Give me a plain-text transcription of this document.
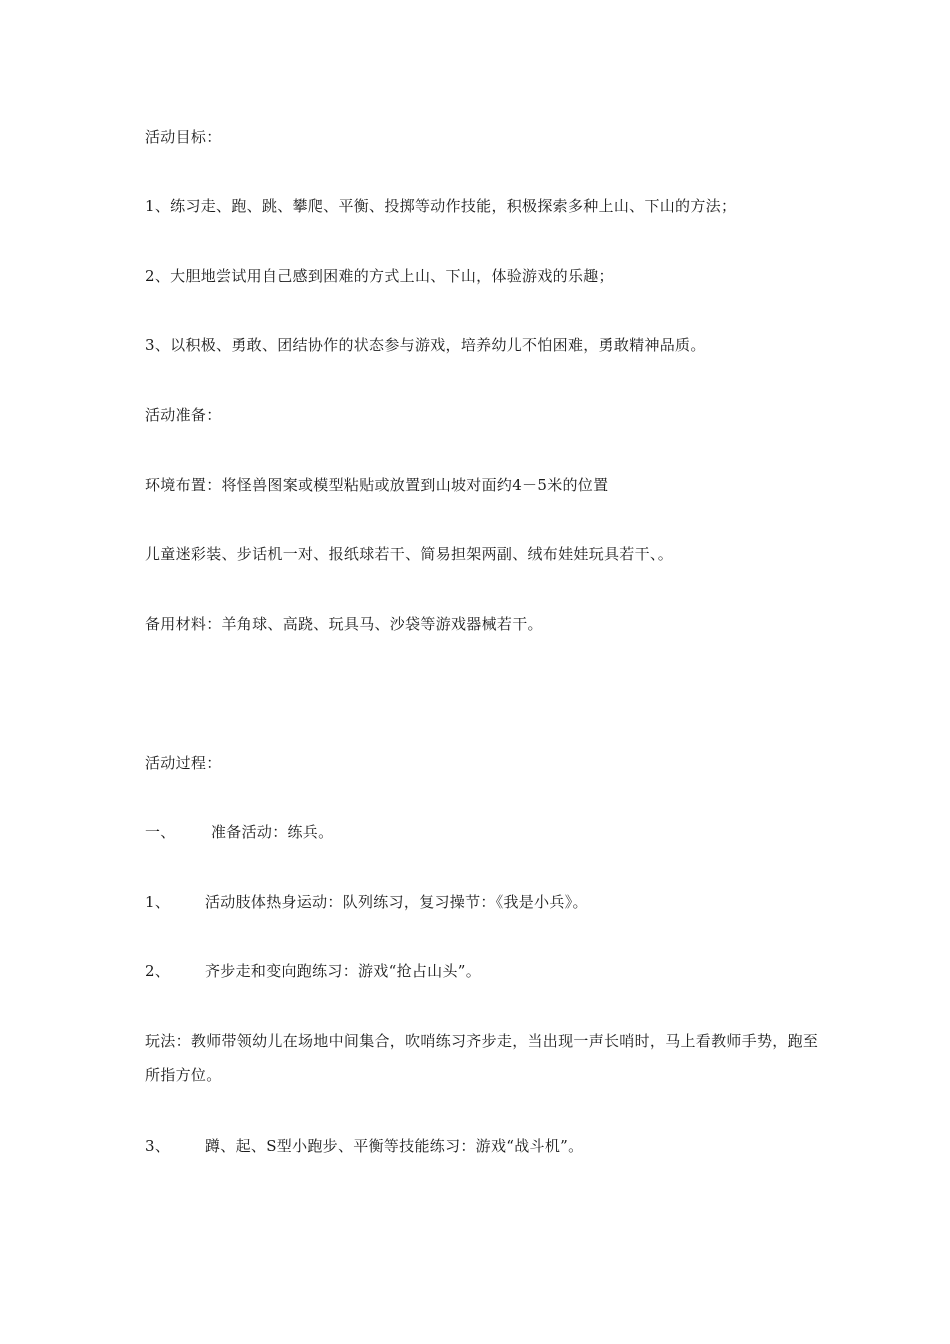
活动目标：
1、练习走、跑、跳、攀爬、平衡、投掷等动作技能，积极探索多种上山、下山的方法；
2、大胆地尝试用自己感到困难的方式上山、下山，体验游戏的乐趣；
3、以积极、勇敢、团结协作的状态参与游戏，培养幼儿不怕困难，勇敢精神品质。
活动准备：
环境布置：将怪兽图案或模型粘贴或放置到山坡对面约4－5米的位置
儿童迷彩装、步话机一对、报纸球若干、简易担架两副、绒布娃娃玩具若干、。
备用材料：羊角球、高跷、玩具马、沙袋等游戏器械若干。
活动过程：
一、 准备活动：练兵。
1、 活动肢体热身运动：队列练习，复习操节：《我是小兵》。
2、 齐步走和变向跑练习：游戏“抢占山头”。
玩法：教师带领幼儿在场地中间集合，吹哨练习齐步走，当出现一声长哨时，马上看教师手势，跑至所指方位。
3、 蹲、起、S型小跑步、平衡等技能练习：游戏“战斗机”。
